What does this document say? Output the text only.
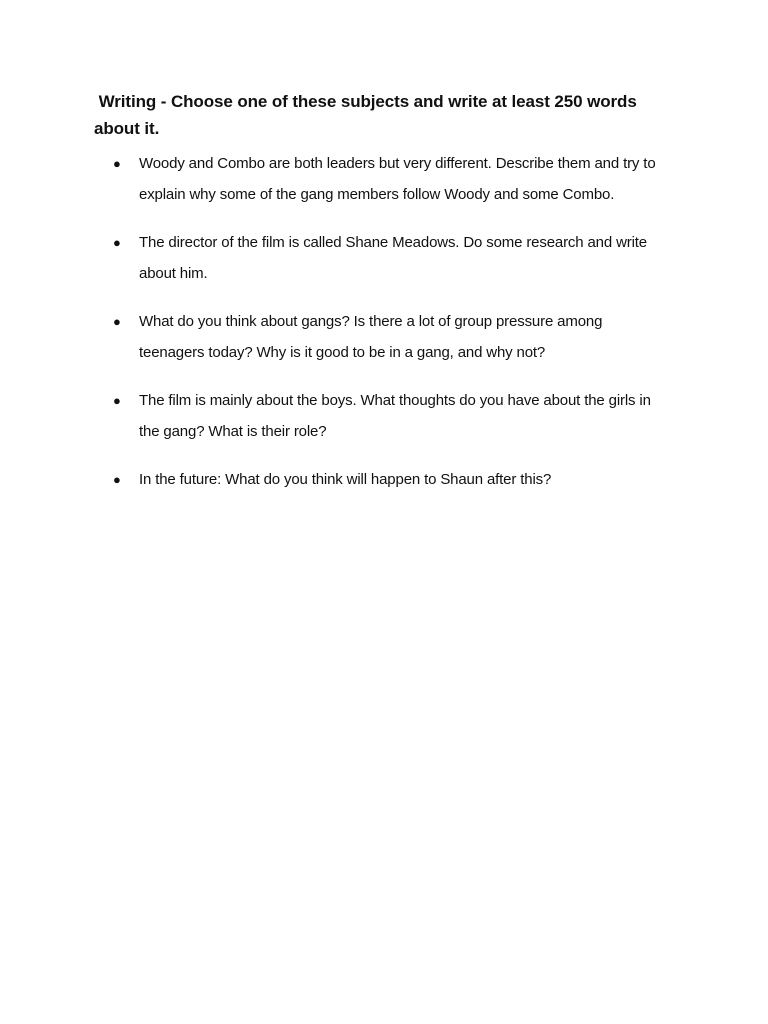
Writing - Choose one of these subjects and write at least 250 words about it.

● Woody and Combo are both leaders but very different. Describe them and try to explain why some of the gang members follow Woody and some Combo.
● The director of the film is called Shane Meadows. Do some research and write about him.
● What do you think about gangs? Is there a lot of group pressure among teenagers today? Why is it good to be in a gang, and why not?
● The film is mainly about the boys. What thoughts do you have about the girls in the gang? What is their role?
● In the future: What do you think will happen to Shaun after this?
